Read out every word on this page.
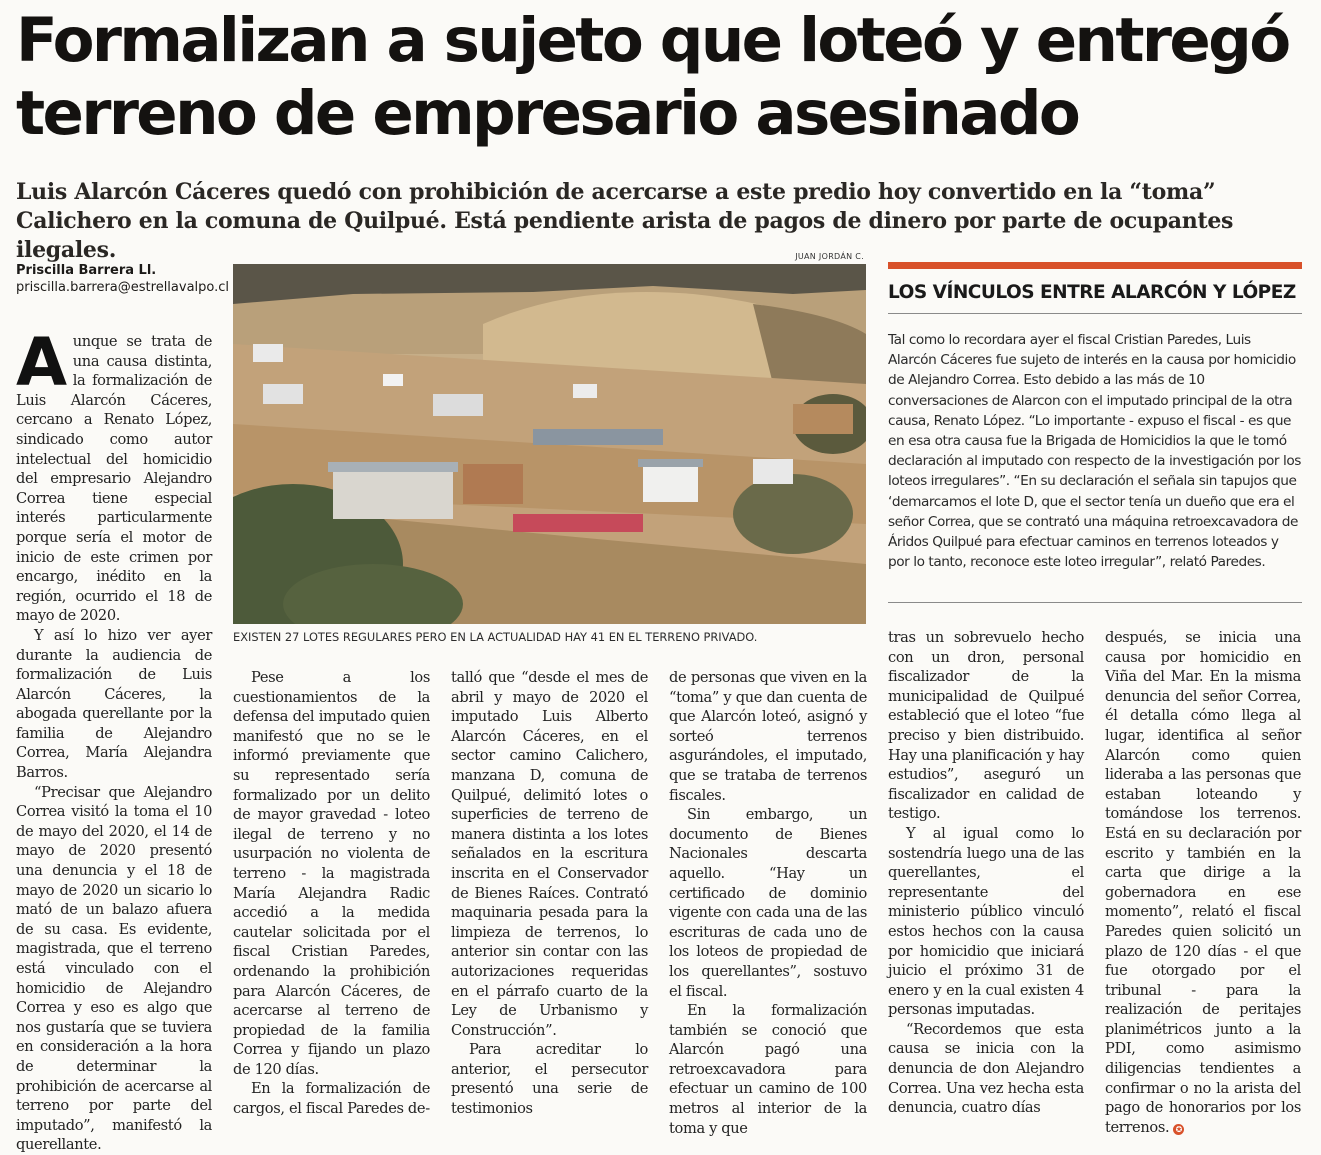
Formalizan a sujeto que loteó y entregó terreno de empresario asesinado

Luis Alarcón Cáceres quedó con prohibición de acercarse a este predio hoy convertido en la “toma” Calichero en la comuna de Quilpué. Está pendiente arista de pagos de dinero por parte de ocupantes ilegales.

Priscilla Barrera Ll.
priscilla.barrera@estrellavalpo.cl
JUAN JORDÁN C.
EXISTEN 27 LOTES REGULARES PERO EN LA ACTUALIDAD HAY 41 EN EL TERRENO PRIVADO.
LOS VÍNCULOS ENTRE ALARCÓN Y LÓPEZ

Tal como lo recordara ayer el fiscal Cristian Paredes, Luis Alarcón Cáceres fue sujeto de interés en la causa por homicidio de Alejandro Correa. Esto debido a las más de 10 conversaciones de Alarcon con el imputado principal de la otra causa, Renato López. “Lo importante - expuso el fiscal - es que en esa otra causa fue la Brigada de Homicidios la que le tomó declaración al imputado con respecto de la investigación por los loteos irregulares”. “En su declaración el señala sin tapujos que ‘demarcamos el lote D, que el sector tenía un dueño que era el señor Correa, que se contrató una máquina retroexcavadora de Áridos Quilpué para efectuar caminos en terrenos loteados y por lo tanto, reconoce este loteo irregular”, relató Paredes.

Aunque se trata de una causa distinta, la formalización de Luis Alarcón Cáceres, cercano a Renato López, sindicado como autor intelectual del homicidio del empresario Alejandro Correa tiene especial interés particularmente porque sería el motor de inicio de este crimen por encargo, inédito en la región, ocurrido el 18 de mayo de 2020.

Y así lo hizo ver ayer durante la audiencia de formalización de Luis Alarcón Cáceres, la abogada querellante por la familia de Alejandro Correa, María Alejandra Barros.

“Precisar que Alejandro Correa visitó la toma el 10 de mayo del 2020, el 14 de mayo de 2020 presentó una denuncia y el 18 de mayo de 2020 un sicario lo mató de un balazo afuera de su casa. Es evidente, magistrada, que el terreno está vinculado con el homicidio de Alejandro Correa y eso es algo que nos gustaría que se tuviera en consideración a la hora de determinar la prohibición de acercarse al terreno por parte del imputado”, manifestó la querellante.

Pese a los cuestionamientos de la defensa del imputado quien manifestó que no se le informó previamente que su representado sería formalizado por un delito de mayor gravedad - loteo ilegal de terreno y no usurpación no violenta de terreno - la magistrada María Alejandra Radic accedió a la medida cautelar solicitada por el fiscal Cristian Paredes, ordenando la prohibición para Alarcón Cáceres, de acercarse al terreno de propiedad de la familia Correa y fijando un plazo de 120 días.

En la formalización de cargos, el fiscal Paredes de-

talló que “desde el mes de abril y mayo de 2020 el imputado Luis Alberto Alarcón Cáceres, en el sector camino Calichero, manzana D, comuna de Quilpué, delimitó lotes o superficies de terreno de manera distinta a los lotes señalados en la escritura inscrita en el Conservador de Bienes Raíces. Contrató maquinaria pesada para la limpieza de terrenos, lo anterior sin contar con las autorizaciones requeridas en el párrafo cuarto de la Ley de Urbanismo y Construcción”.

Para acreditar lo anterior, el persecutor presentó una serie de testimonios

de personas que viven en la “toma” y que dan cuenta de que Alarcón loteó, asignó y sorteó terrenos asgurándoles, el imputado, que se trataba de terrenos fiscales.

Sin embargo, un documento de Bienes Nacionales descarta aquello. “Hay un certificado de dominio vigente con cada una de las escrituras de cada uno de los loteos de propiedad de los querellantes”, sostuvo el fiscal.

En la formalización también se conoció que Alarcón pagó una retroexcavadora para efectuar un camino de 100 metros al interior de la toma y que

tras un sobrevuelo hecho con un dron, personal fiscalizador de la municipalidad de Quilpué estableció que el loteo “fue preciso y bien distribuido. Hay una planificación y hay estudios”, aseguró un fiscalizador en calidad de testigo.

Y al igual como lo sostendría luego una de las querellantes, el representante del ministerio público vinculó estos hechos con la causa por homicidio que iniciará juicio el próximo 31 de enero y en la cual existen 4 personas imputadas.

“Recordemos que esta causa se inicia con la denuncia de don Alejandro Correa. Una vez hecha esta denuncia, cuatro días

después, se inicia una causa por homicidio en Viña del Mar. En la misma denuncia del señor Correa, él detalla cómo llega al lugar, identifica al señor Alarcón como quien lideraba a las personas que estaban loteando y tomándose los terrenos. Está en su declaración por escrito y también en la carta que dirige a la gobernadora en ese momento”, relató el fiscal Paredes quien solicitó un plazo de 120 días - el que fue otorgado por el tribunal - para la realización de peritajes planimétricos junto a la PDI, como asimismo diligencias tendientes a confirmar o no la arista del pago de honorarios por los terrenos. ✪
